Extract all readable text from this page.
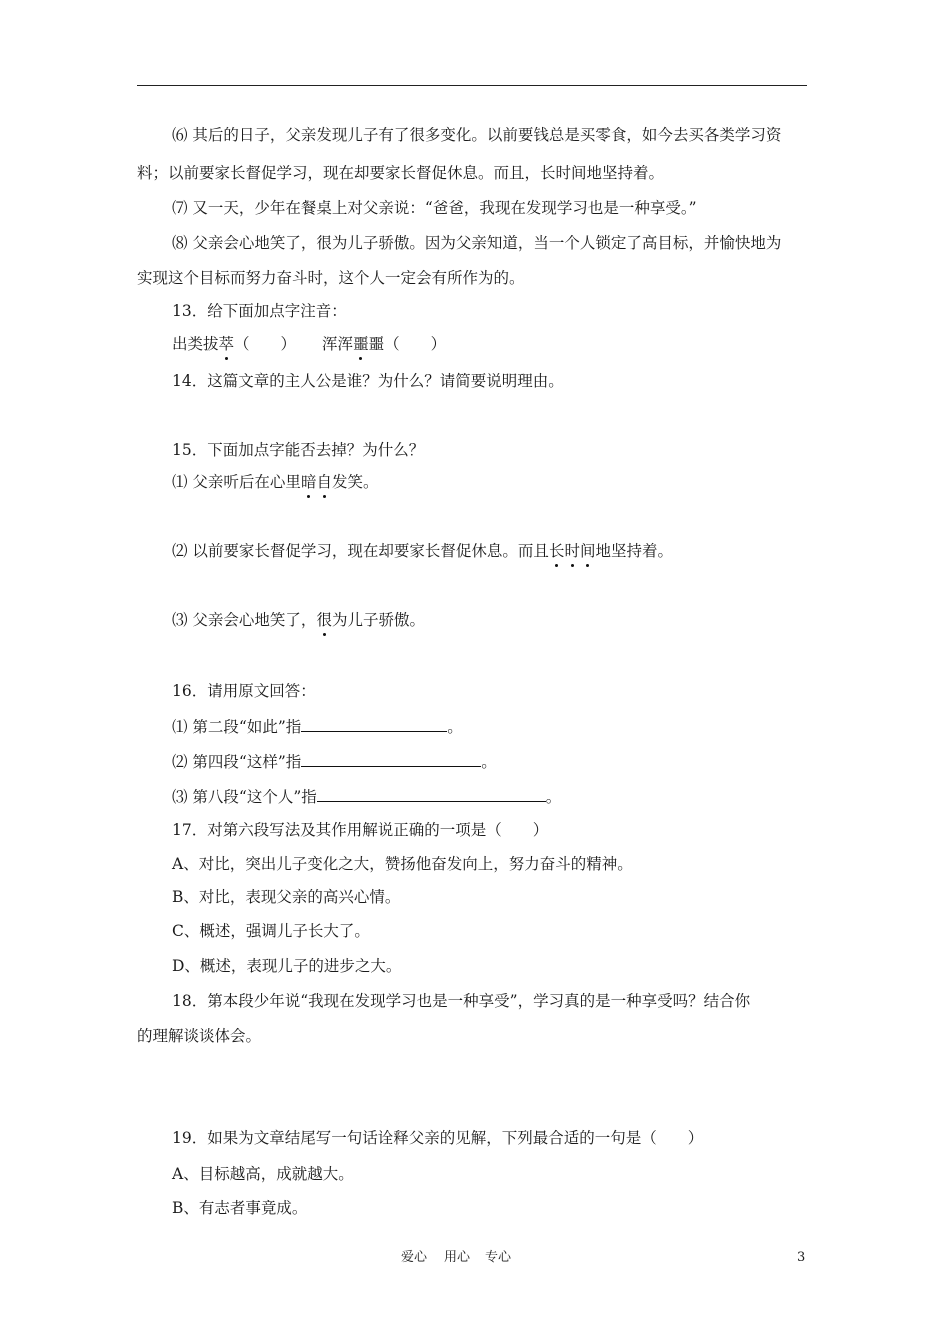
⑹ 其后的日子，父亲发现儿子有了很多变化。以前要钱总是买零食，如今去买各类学习资
料；以前要家长督促学习，现在却要家长督促休息。而且，长时间地坚持着。
⑺ 又一天，少年在餐桌上对父亲说：“爸爸，我现在发现学习也是一种享受。”
⑻ 父亲会心地笑了，很为儿子骄傲。因为父亲知道，当一个人锁定了高目标，并愉快地为
实现这个目标而努力奋斗时，这个人一定会有所作为的。
13．给下面加点字注音：
出类拔萃（　　） 浑浑噩噩（　　）
14．这篇文章的主人公是谁？为什么？请简要说明理由。
15．下面加点字能否去掉？为什么？
⑴ 父亲听后在心里暗自发笑。
⑵ 以前要家长督促学习，现在却要家长督促休息。而且长时间地坚持着。
⑶ 父亲会心地笑了，很为儿子骄傲。
16．请用原文回答：
⑴ 第二段“如此”指	。
⑵ 第四段“这样”指	。
⑶ 第八段“这个人”指	。
17．对第六段写法及其作用解说正确的一项是（　　）
A、对比，突出儿子变化之大，赞扬他奋发向上，努力奋斗的精神。
B、对比，表现父亲的高兴心情。
C、概述，强调儿子长大了。
D、概述，表现儿子的进步之大。
18．第本段少年说“我现在发现学习也是一种享受”，学习真的是一种享受吗？结合你
的理解谈谈体会。
19．如果为文章结尾写一句话诠释父亲的见解，下列最合适的一句是（　　）
A、目标越高，成就越大。
B、有志者事竟成。
爱心 用心 专心	3
